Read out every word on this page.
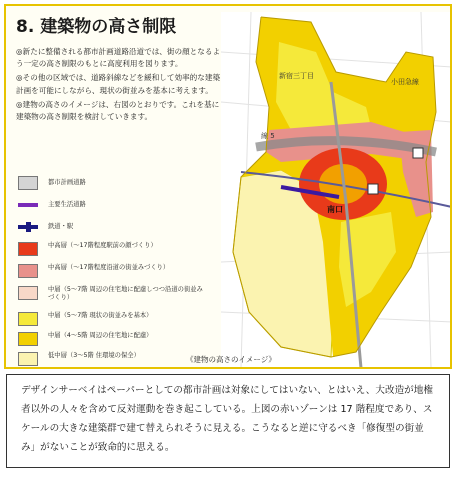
8. 建築物の高さ制限
◎新たに整備される都市計画道路沿道では、街の顔となるよう一定の高さ制限のもとに高度利用を図ります。
◎その他の区域では、道路斜線などを緩和して効率的な建築計画を可能にしながら、現状の街並みを基本に考えます。
◎建物の高さのイメージは、右図のとおりです。これを基に建築物の高さ制限を検討していきます。
都市計画道路
主要生活道路
鉄道・駅
中高層（～17階程度駅前の顔づくり）
中高層（～17階程度沿道の街並みづくり）
中層（5～7階 周辺の住宅地に配慮しつつ沿道の街並みづくり）
中層（5～7階 現状の街並みを基本）
中層（4～5階 周辺の住宅地に配慮）
低中層（3～5階 住環境の保全）
新宿三丁目
小田急線
線 5
南口
《建物の高さのイメージ》
デザインサーベイはペーパーとしての都市計画は対象にしてはいない、とはいえ、大改造が地権者以外の人々を含めて反対運動を巻き起こしている。上図の赤いゾーンは 17 階程度であり、スケールの大きな建築群で建て替えられそうに見える。こうなると逆に守るべき「修復型の街並み」がないことが致命的に思える。
